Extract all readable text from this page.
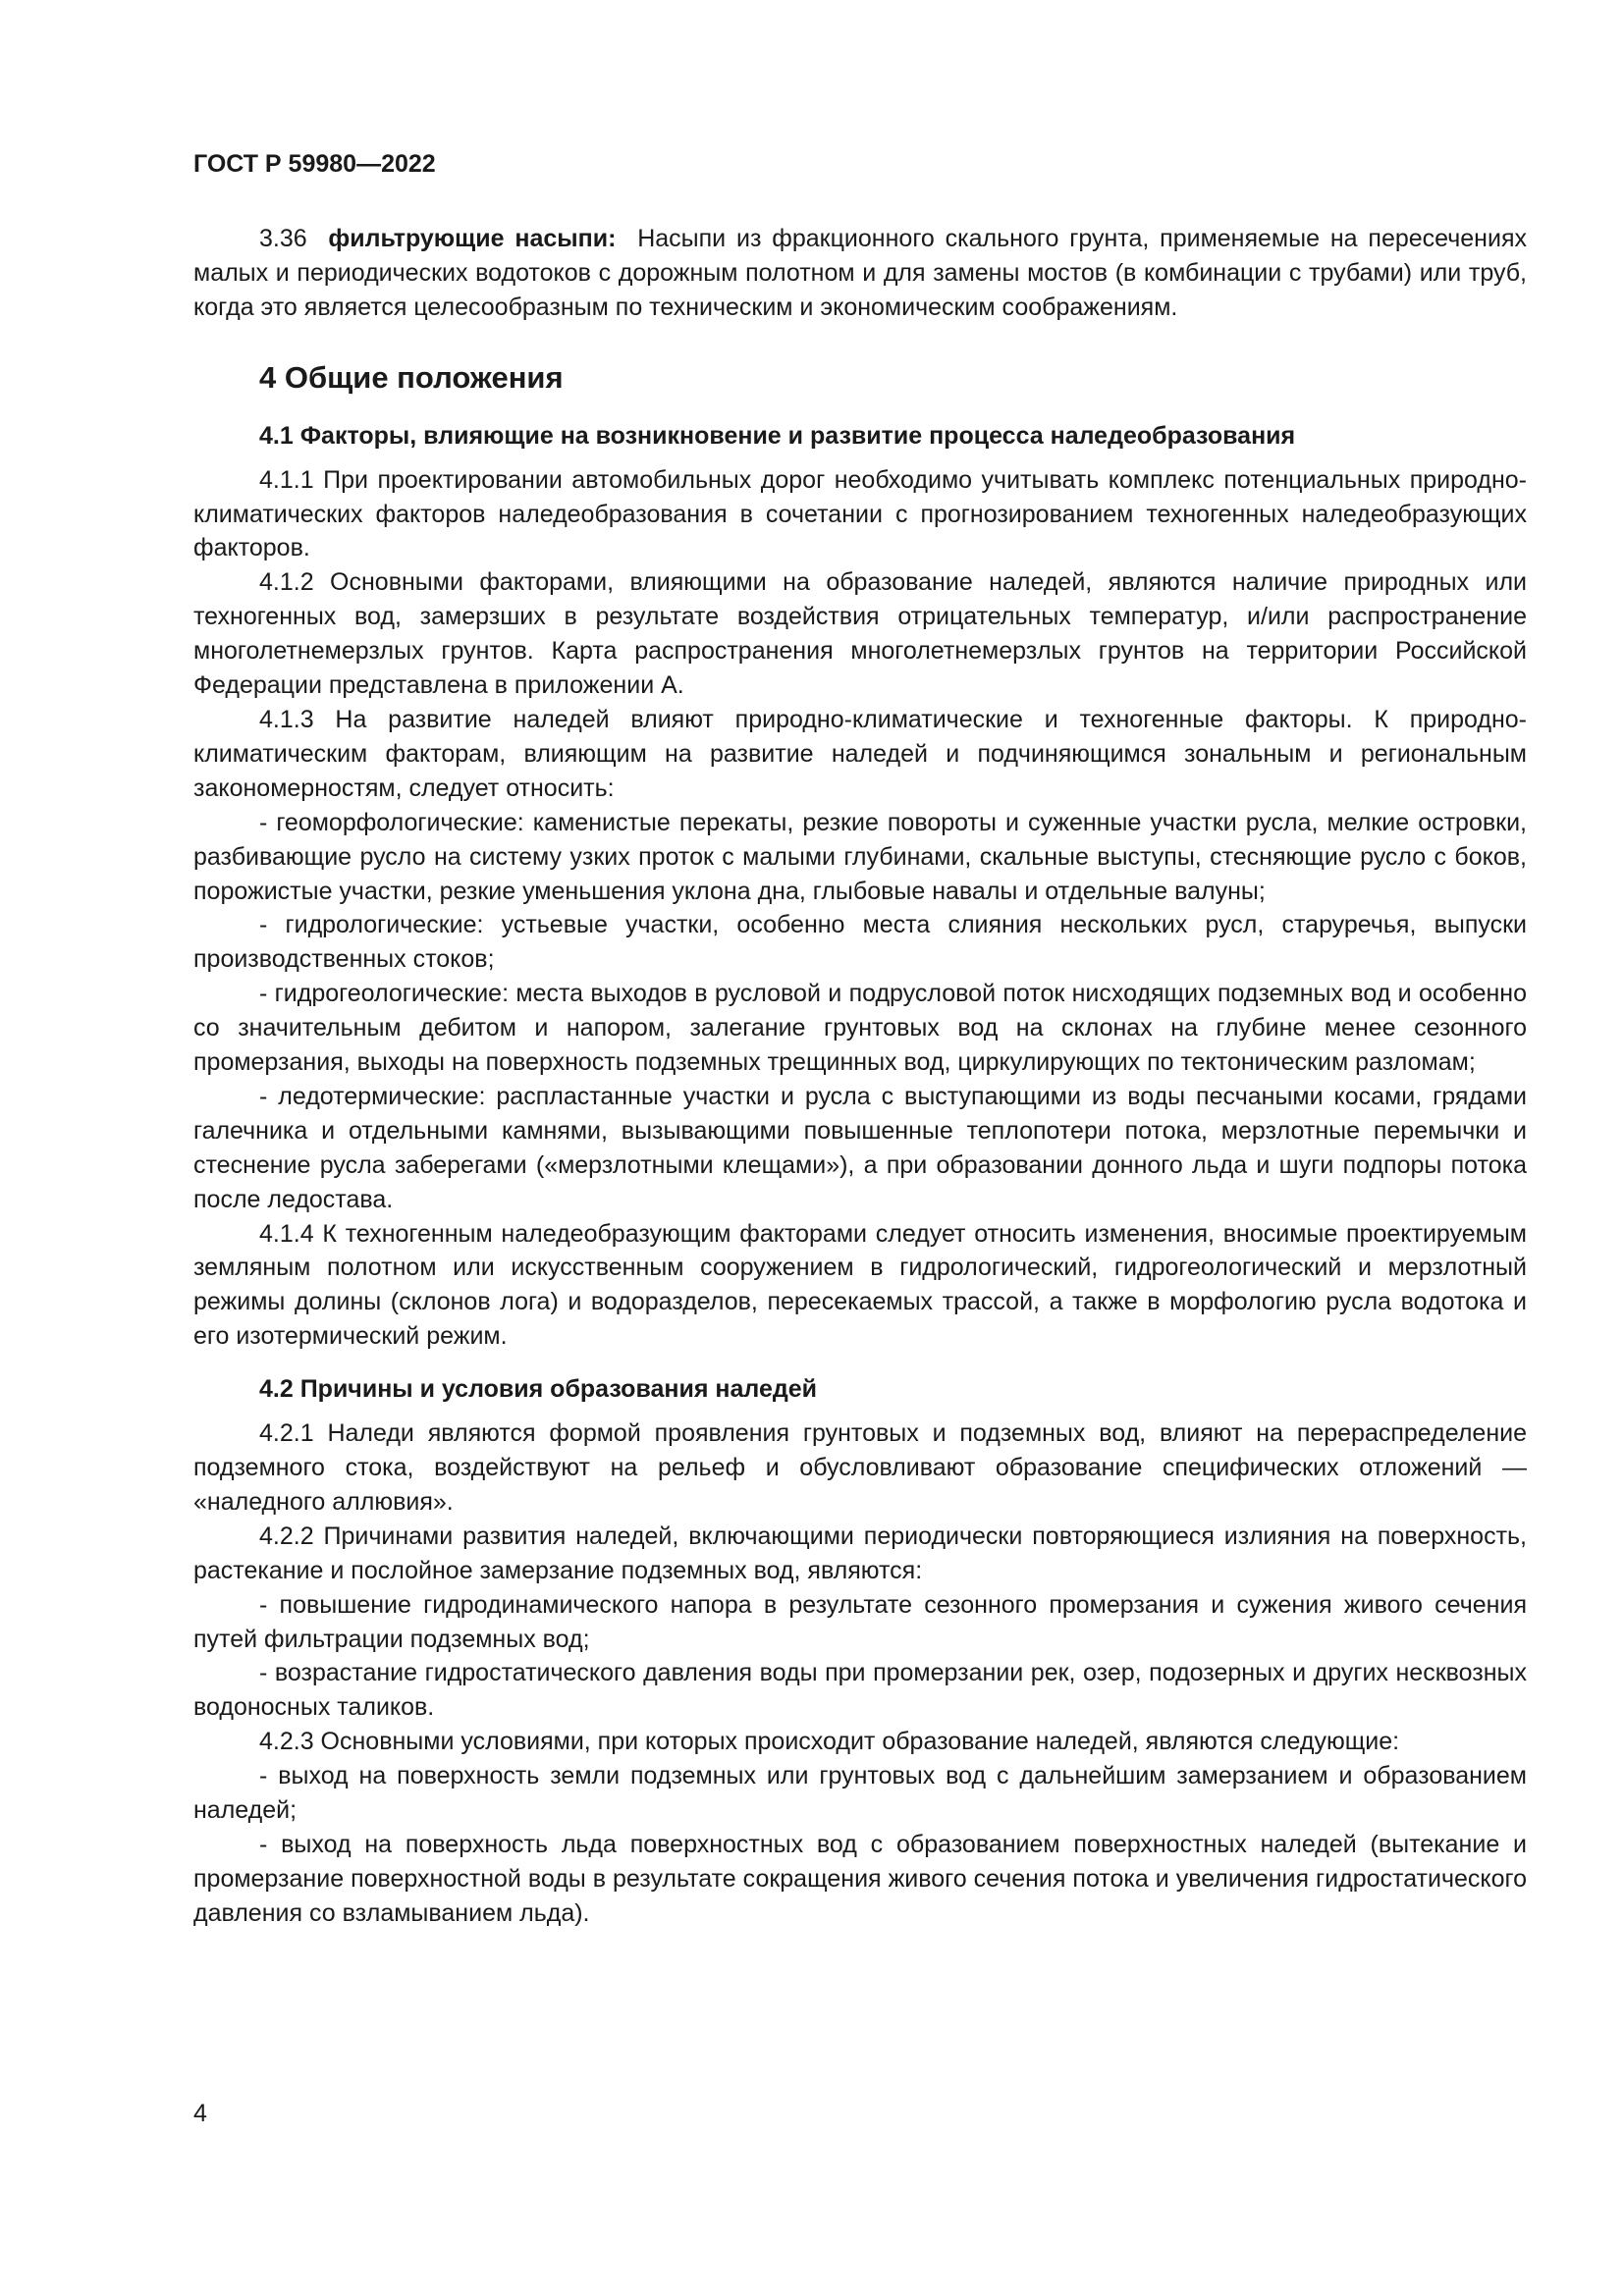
ГОСТ Р 59980—2022

3.36 фильтрующие насыпи: Насыпи из фракционного скального грунта, применяемые на пересечениях малых и периодических водотоков с дорожным полотном и для замены мостов (в комбинации с трубами) или труб, когда это является целесообразным по техническим и экономическим соображениям.

4 Общие положения
4.1 Факторы, влияющие на возникновение и развитие процесса наледеобразования

4.1.1 При проектировании автомобильных дорог необходимо учитывать комплекс потенциальных природно-климатических факторов наледеобразования в сочетании с прогнозированием техногенных наледеобразующих факторов.

4.1.2 Основными факторами, влияющими на образование наледей, являются наличие природных или техногенных вод, замерзших в результате воздействия отрицательных температур, и/или распространение многолетнемерзлых грунтов. Карта распространения многолетнемерзлых грунтов на территории Российской Федерации представлена в приложении А.

4.1.3 На развитие наледей влияют природно-климатические и техногенные факторы. К природно-климатическим факторам, влияющим на развитие наледей и подчиняющимся зональным и региональным закономерностям, следует относить:

- геоморфологические: каменистые перекаты, резкие повороты и суженные участки русла, мелкие островки, разбивающие русло на систему узких проток с малыми глубинами, скальные выступы, стесняющие русло с боков, порожистые участки, резкие уменьшения уклона дна, глыбовые навалы и отдельные валуны;

- гидрологические: устьевые участки, особенно места слияния нескольких русл, старуречья, выпуски производственных стоков;

- гидрогеологические: места выходов в русловой и подрусловой поток нисходящих подземных вод и особенно со значительным дебитом и напором, залегание грунтовых вод на склонах на глубине менее сезонного промерзания, выходы на поверхность подземных трещинных вод, циркулирующих по тектоническим разломам;

- ледотермические: распластанные участки и русла с выступающими из воды песчаными косами, грядами галечника и отдельными камнями, вызывающими повышенные теплопотери потока, мерзлотные перемычки и стеснение русла заберегами («мерзлотными клещами»), а при образовании донного льда и шуги подпоры потока после ледостава.

4.1.4 К техногенным наледеобразующим факторами следует относить изменения, вносимые проектируемым земляным полотном или искусственным сооружением в гидрологический, гидрогеологический и мерзлотный режимы долины (склонов лога) и водоразделов, пересекаемых трассой, а также в морфологию русла водотока и его изотермический режим.

4.2 Причины и условия образования наледей

4.2.1 Наледи являются формой проявления грунтовых и подземных вод, влияют на перераспределение подземного стока, воздействуют на рельеф и обусловливают образование специфических отложений — «наледного аллювия».

4.2.2 Причинами развития наледей, включающими периодически повторяющиеся излияния на поверхность, растекание и послойное замерзание подземных вод, являются:

- повышение гидродинамического напора в результате сезонного промерзания и сужения живого сечения путей фильтрации подземных вод;

- возрастание гидростатического давления воды при промерзании рек, озер, подозерных и других несквозных водоносных таликов.

4.2.3 Основными условиями, при которых происходит образование наледей, являются следующие:

- выход на поверхность земли подземных или грунтовых вод с дальнейшим замерзанием и образованием наледей;

- выход на поверхность льда поверхностных вод с образованием поверхностных наледей (вытекание и промерзание поверхностной воды в результате сокращения живого сечения потока и увеличения гидростатического давления со взламыванием льда).

4
